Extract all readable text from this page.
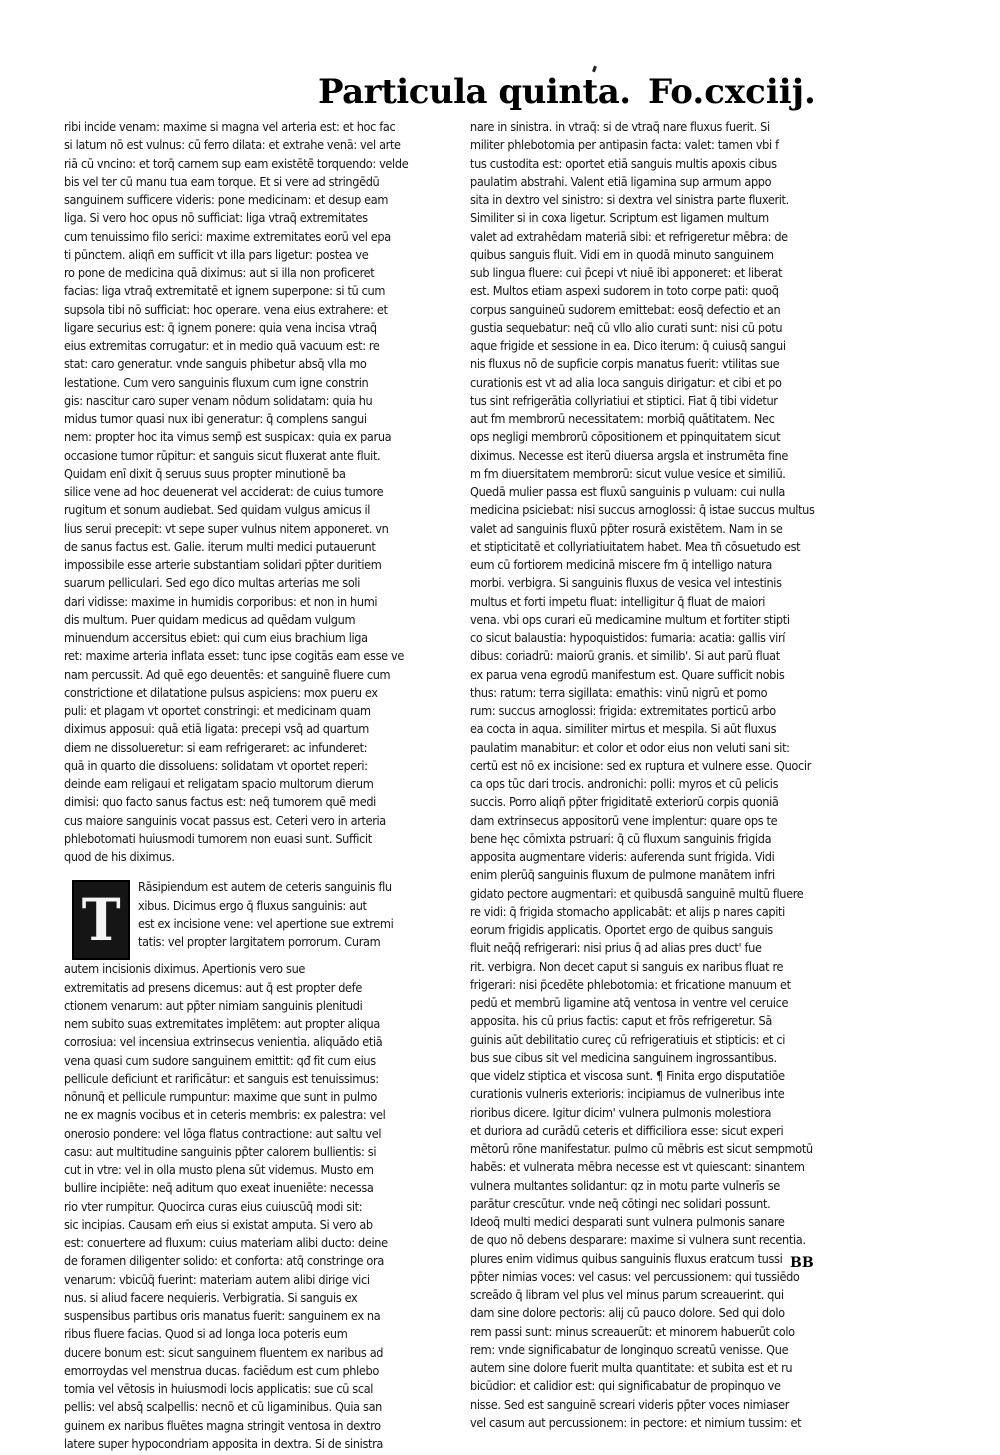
Particula quinta. Fo.cxciij.
ribi incide venam: maxime si magna vel arteria est: et hoc fac
si latum nō est vulnus: cū ferro dilata: et extrahe venā: vel arte
riā cū vncino: et torq̄ carnem sup eam existētē̄ torquendo: velde
bis vel ter cū manu tua eam torque. Et si vere ad stringēdū
sanguinem sufficere videris: pone medicinam: et desup eam
liga. Si vero hoc opus nō sufficiat: liga vtraq̄ extremitates
cum tenuissimo filo serici: maxime extremitates eorū vel epa
ti pūnctem. aliqñ em sufficit vt illa pars ligetur: postea ve
ro pone de medicina quā diximus: aut si illa non proficeret
facias: liga vtraq̄ extremitatē et ignem superpone: si tū cum
supsola tibi nō sufficiat: hoc operare. vena eius extrahere: et
ligare securius est: q̄ ignem ponere: quia vena incisa vtraq̄
eius extremitas corrugatur: et in medio quā vacuum est: re
stat: caro generatur. vnde sanguis phibetur absq̄ vlla mo
lestatione. Cum vero sanguinis fluxum cum igne constrin
gis: nascitur caro super venam nōdum solidatam: quia hu
midus tumor quasi nux ibi generatur: q̄ complens sangui
nem: propter hoc ita vimus semp̄ est suspicax: quia ex parua
occasione tumor rūpitur: et sanguis sicut fluxerat ante fluit.
Quidam enī dixit q̄ seruus suus propter minutionē ba
silice vene ad hoc deuenerat vel acciderat: de cuius tumore
rugitum et sonum audiebat. Sed quidam vulgus amicus il
lius serui precepit: vt sepe super vulnus nitem apponeret. vn
de sanus factus est. Galie. iterum multi medici putauerunt
impossibile esse arterie substantiam solidari pp̄ter duritiem
suarum pelliculari. Sed ego dico multas arterias me soli
dari vidisse: maxime in humidis corporibus: et non in humi
dis multum. Puer quidam medicus ad quēdam vulgum
minuendum accersitus ebiet: qui cum eius brachium liga
ret: maxime arteria inflata esset: tunc ipse cogitās eam esse ve
nam percussit. Ad quē ego deuentēs: et sanguinē fluere cum
constrictione et dilatatione pulsus aspiciens: mox pueru ex
puli: et plagam vt oportet constringi: et medicinam quam
diximus apposui: quā etiā ligata: precepi vsq̄ ad quartum
diem ne dissolueretur: si eam refrigeraret: ac infunderet:
quā in quarto die dissoluens: solidatam vt oportet reperi:
deinde eam religaui et religatam spacio multorum dierum
dimisi: quo facto sanus factus est: neq̄ tumorem quē medi
cus maiore sanguinis vocat passus est. Ceteri vero in arteria
phlebotomati huiusmodi tumorem non euasi sunt. Sufficit
quod de his diximus.
T	Rāsipiendum est autem de ceteris sanguinis flu
xibus. Dicimus ergo q̄ fluxus sanguinis: aut
est ex incisione vene: vel apertione sue extremi
tatis: vel propter largitatem porrorum. Curam
autem incisionis diximus. Apertionis vero sue
extremitatis ad presens dicemus: aut q̄ est propter defe
ctionem venarum: aut pp̄ter nimiam sanguinis plenitudi
nem subito suas extremitates implētem: aut propter aliqua
corrosiua: vel incensiua extrinsecus venientia. aliquādo etiā
vena quasi cum sudore sanguinem emittit: qđ fit cum eius
pellicule deficiunt et rarificātur: et sanguis est tenuissimus:
nōnunq̄ et pellicule rumpuntur: maxime que sunt in pulmo
ne ex magnis vocibus et in ceteris membris: ex palestra: vel
onerosio pondere: vel lōga flatus contractione: aut saltu vel
casu: aut multitudine sanguinis pp̄ter calorem bullientis: si
cut in vtre: vel in olla musto plena sūt videmus. Musto em
bullire incipiēte: neq̄ aditum quo exeat inueniēte: necessa
rio vter rumpitur. Quocirca curas eius cuiuscūq̄ modi sit:
sic incipias. Causam em̄ eius si existat amputa. Si vero ab
est: conuertere ad fluxum: cuius materiam alibi ducto: deine
de foramen diligenter solido: et conforta: atq̄ constringe ora
venarum: vbicūq̄ fuerint: materiam autem alibi dirige vici
nus. si aliud facere nequieris. Verbigratia. Si sanguis ex
suspensibus partibus oris manatus fuerit: sanguinem ex na
ribus fluere facias. Quod si ad longa loca poteris eum
ducere bonum est: sicut sanguinem fluentem ex naribus ad
emorroydas vel menstrua ducas. faciēdum est cum phlebo
tomia vel vētosis in huiusmodi locis applicatis: sue cū scal
pellis: vel absq̄ scalpellis: necnō et cū ligaminibus. Quia san
guinem ex naribus fluētes magna stringit ventosa in dextro
latere super hypocondriam apposita in dextra. Si de sinistra
nare in sinistra. in vtraq̄: si de vtraq̄ nare fluxus fuerit. Si
militer phlebotomia per antipasin facta: valet: tamen vbi f
tus custodita est: oportet etiā sanguis multis apoxis cibus
paulatim abstrahi. Valent etiā ligamina sup armum appo
sita in dextro vel sinistro: si dextra vel sinistra parte fluxerit.
Similiter si in coxa ligetur. Scriptum est ligamen multum
valet ad extrahēdam materiā sibi: et refrigeretur mēbra: de
quibus sanguis fluit. Vidi em in quodā minuto sanguinem
sub lingua fluere: cui p̄cepi vt niuē ibi apponeret: et liberat
est. Multos etiam aspexi sudorem in toto corpe pati: quoq̄
corpus sanguineū sudorem emittebat: eosq̄ defectio et an
gustia sequebatur: neq̄ cū vllo alio curati sunt: nisi cū potu
aque frigide et sessione in ea. Dico iterum: q̄ cuiusq̄ sangui
nis fluxus nō de supficie corpis manatus fuerit: vtilitas sue
curationis est vt ad alia loca sanguis dirigatur: et cibi et po
tus sint refrigerātia collyriatiui et stiptici. Fiat q̄ tibi videtur
aut fm membrorū necessitatem: morbiq̄ quātitatem. Nec
ops negligi membrorū cōpositionem et ppinquitatem sicut
diximus. Necesse est iterū diuersa argsla et instrumēta fine
m fm diuersitatem membrorū: sicut vulue vesice et similiū.
Quedā mulier passa est fluxū sanguinis p vuluam: cui nulla
medicina psiciebat: nisi succus arnoglossi: q̄ istae succus multus
valet ad sanguinis fluxū pp̄ter rosurā existētem. Nam in se
et stipticitatē et collyriatiuitatem habet. Mea tñ cōsuetudo est
eum cū fortiorem medicinā miscere fm q̄ intelligo natura
morbi. verbigra. Si sanguinis fluxus de vesica vel intestinis
multus et forti impetu fluat: intelligitur q̄ fluat de maiori
vena. vbi ops curari eū medicamine multum et fortiter stipti
co sicut balaustia: hypoquistidos: fumaria: acatia: gallis virí
dibus: coriadrū: maiorū granis. et similib'. Si aut parū fluat
ex parua vena egrodū manifestum est. Quare sufficit nobis
thus: ratum: terra sigillata: emathis: vinū nigrū et pomo
rum: succus arnoglossi: frigida: extremitates porticū arbo
ea cocta in aqua. similiter mirtus et mespila. Si aūt fluxus
paulatim manabitur: et color et odor eius non veluti sani sit:
certū est nō ex incisione: sed ex ruptura et vulnere esse. Quocir
ca ops tūc dari trocis. andronichi: polli: myros et cū pelicis
succis. Porro aliqñ pp̄ter frigiditatē exteriorū corpis quoniā
dam extrinsecus appositorū vene implentur: quare ops te
bene hęc cōmixta pstruari: q̄ cū fluxum sanguinis frigida
apposita augmentare videris: auferenda sunt frigida. Vidi
enim plerūq̄ sanguinis fluxum de pulmone manātem infri
gidato pectore augmentari: et quibusdā sanguinē multū fluere
re vidi: q̄ frigida stomacho applicabāt: et alijs p nares capiti
eorum frigidis applicatis. Oportet ergo de quibus sanguis
fluit neq̄q̄ refrigerari: nisi prius q̄ ad alias pres duct' fue
rit. verbigra. Non decet caput si sanguis ex naribus fluat re
frigerari: nisi p̄cedēte phlebotomia: et fricatione manuum et
pedū et membrū ligamine atq̄ ventosa in ventre vel ceruice
apposita. his cū prius factis: caput et frōs refrigeretur. Sā
guinis aūt debilitatio cureç cū refrigeratiuis et stipticis: et ci
bus sue cibus sit vel medicina sanguinem ingrossantibus.
que videlz stiptica et viscosa sunt. ¶ Finita ergo disputatiōe
curationis vulneris exterioris: incipiamus de vulneribus inte
rioribus dicere. Igitur dicim' vulnera pulmonis molestiora
et duriora ad curādū ceteris et difficiliora esse: sicut experi
mētorū rōne manifestatur. pulmo cū mēbris est sicut sempmotū
habēs: et vulnerata mēbra necesse est vt quiescant: sinantem
vulnera multantes solidantur: qz in motu parte vulnerīs se
parātur crescūtur. vnde neq̄ cōtingi nec solidari possunt.
Ideoq̄ multi medici desparati sunt vulnera pulmonis sanare
de quo nō debens desparare: maxime si vulnera sunt recentia.
plures enim vidimus quibus sanguinis fluxus eratcum tussi
pp̄ter nimias voces: vel casus: vel percussionem: qui tussiēdo
screādo q̄ libram vel plus vel minus parum screauerint. qui
dam sine dolore pectoris: alij cū pauco dolore. Sed qui dolo
rem passi sunt: minus screauerūt: et minorem habuerūt colo
rem: vnde significabatur de longinquo screatū venisse. Que
autem sine dolore fuerit multa quantitate: et subita est et ru
bicūdior: et calidior est: qui significabatur de propinquo ve
nisse. Sed est sanguinē screari videris pp̄ter voces nimiaser
vel casum aut percussionem: in pectore: et nimium tussim: et
BB
